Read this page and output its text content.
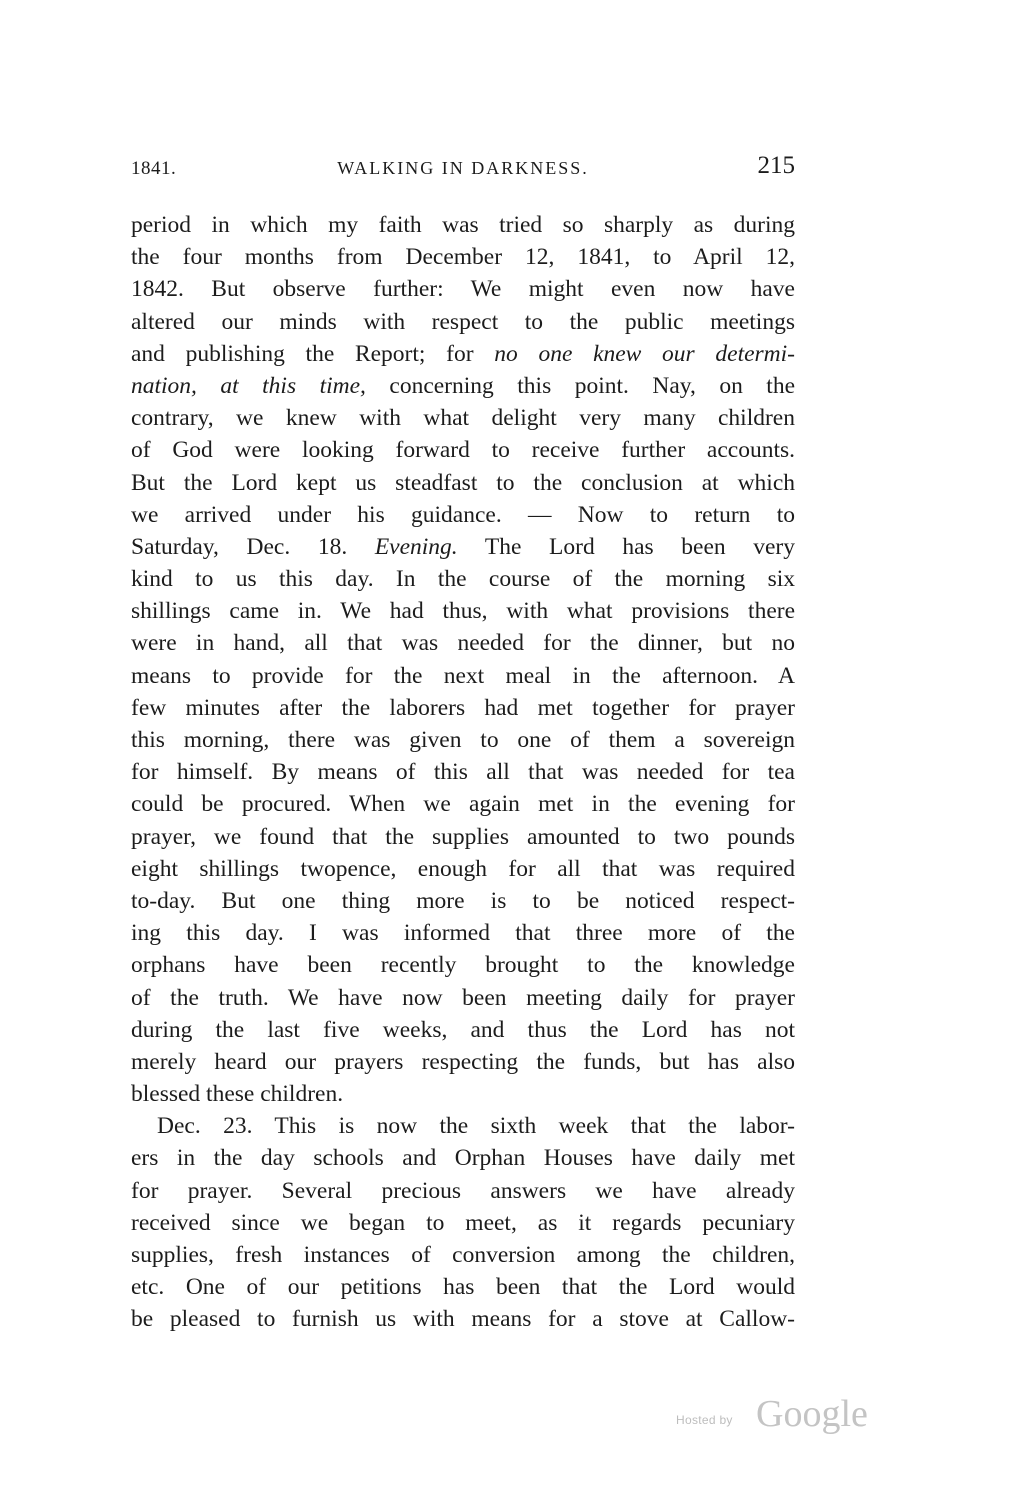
1841.	WALKING IN DARKNESS.	215
period in which my faith was tried so sharply as during
the four months from December 12, 1841, to April 12,
1842. But observe further: We might even now have
altered our minds with respect to the public meetings
and publishing the Report; for no one knew our determi-
nation, at this time, concerning this point. Nay, on the
contrary, we knew with what delight very many children
of God were looking forward to receive further accounts.
But the Lord kept us steadfast to the conclusion at which
we arrived under his guidance. — Now to return to
Saturday, Dec. 18. Evening. The Lord has been very
kind to us this day. In the course of the morning six
shillings came in. We had thus, with what provisions there
were in hand, all that was needed for the dinner, but no
means to provide for the next meal in the afternoon. A
few minutes after the laborers had met together for prayer
this morning, there was given to one of them a sovereign
for himself. By means of this all that was needed for tea
could be procured. When we again met in the evening for
prayer, we found that the supplies amounted to two pounds
eight shillings twopence, enough for all that was required
to-day. But one thing more is to be noticed respect-
ing this day. I was informed that three more of the
orphans have been recently brought to the knowledge
of the truth. We have now been meeting daily for prayer
during the last five weeks, and thus the Lord has not
merely heard our prayers respecting the funds, but has also
blessed these children.
Dec. 23. This is now the sixth week that the labor-
ers in the day schools and Orphan Houses have daily met
for prayer. Several precious answers we have already
received since we began to meet, as it regards pecuniary
supplies, fresh instances of conversion among the children,
etc. One of our petitions has been that the Lord would
be pleased to furnish us with means for a stove at Callow-
Hosted by Google
